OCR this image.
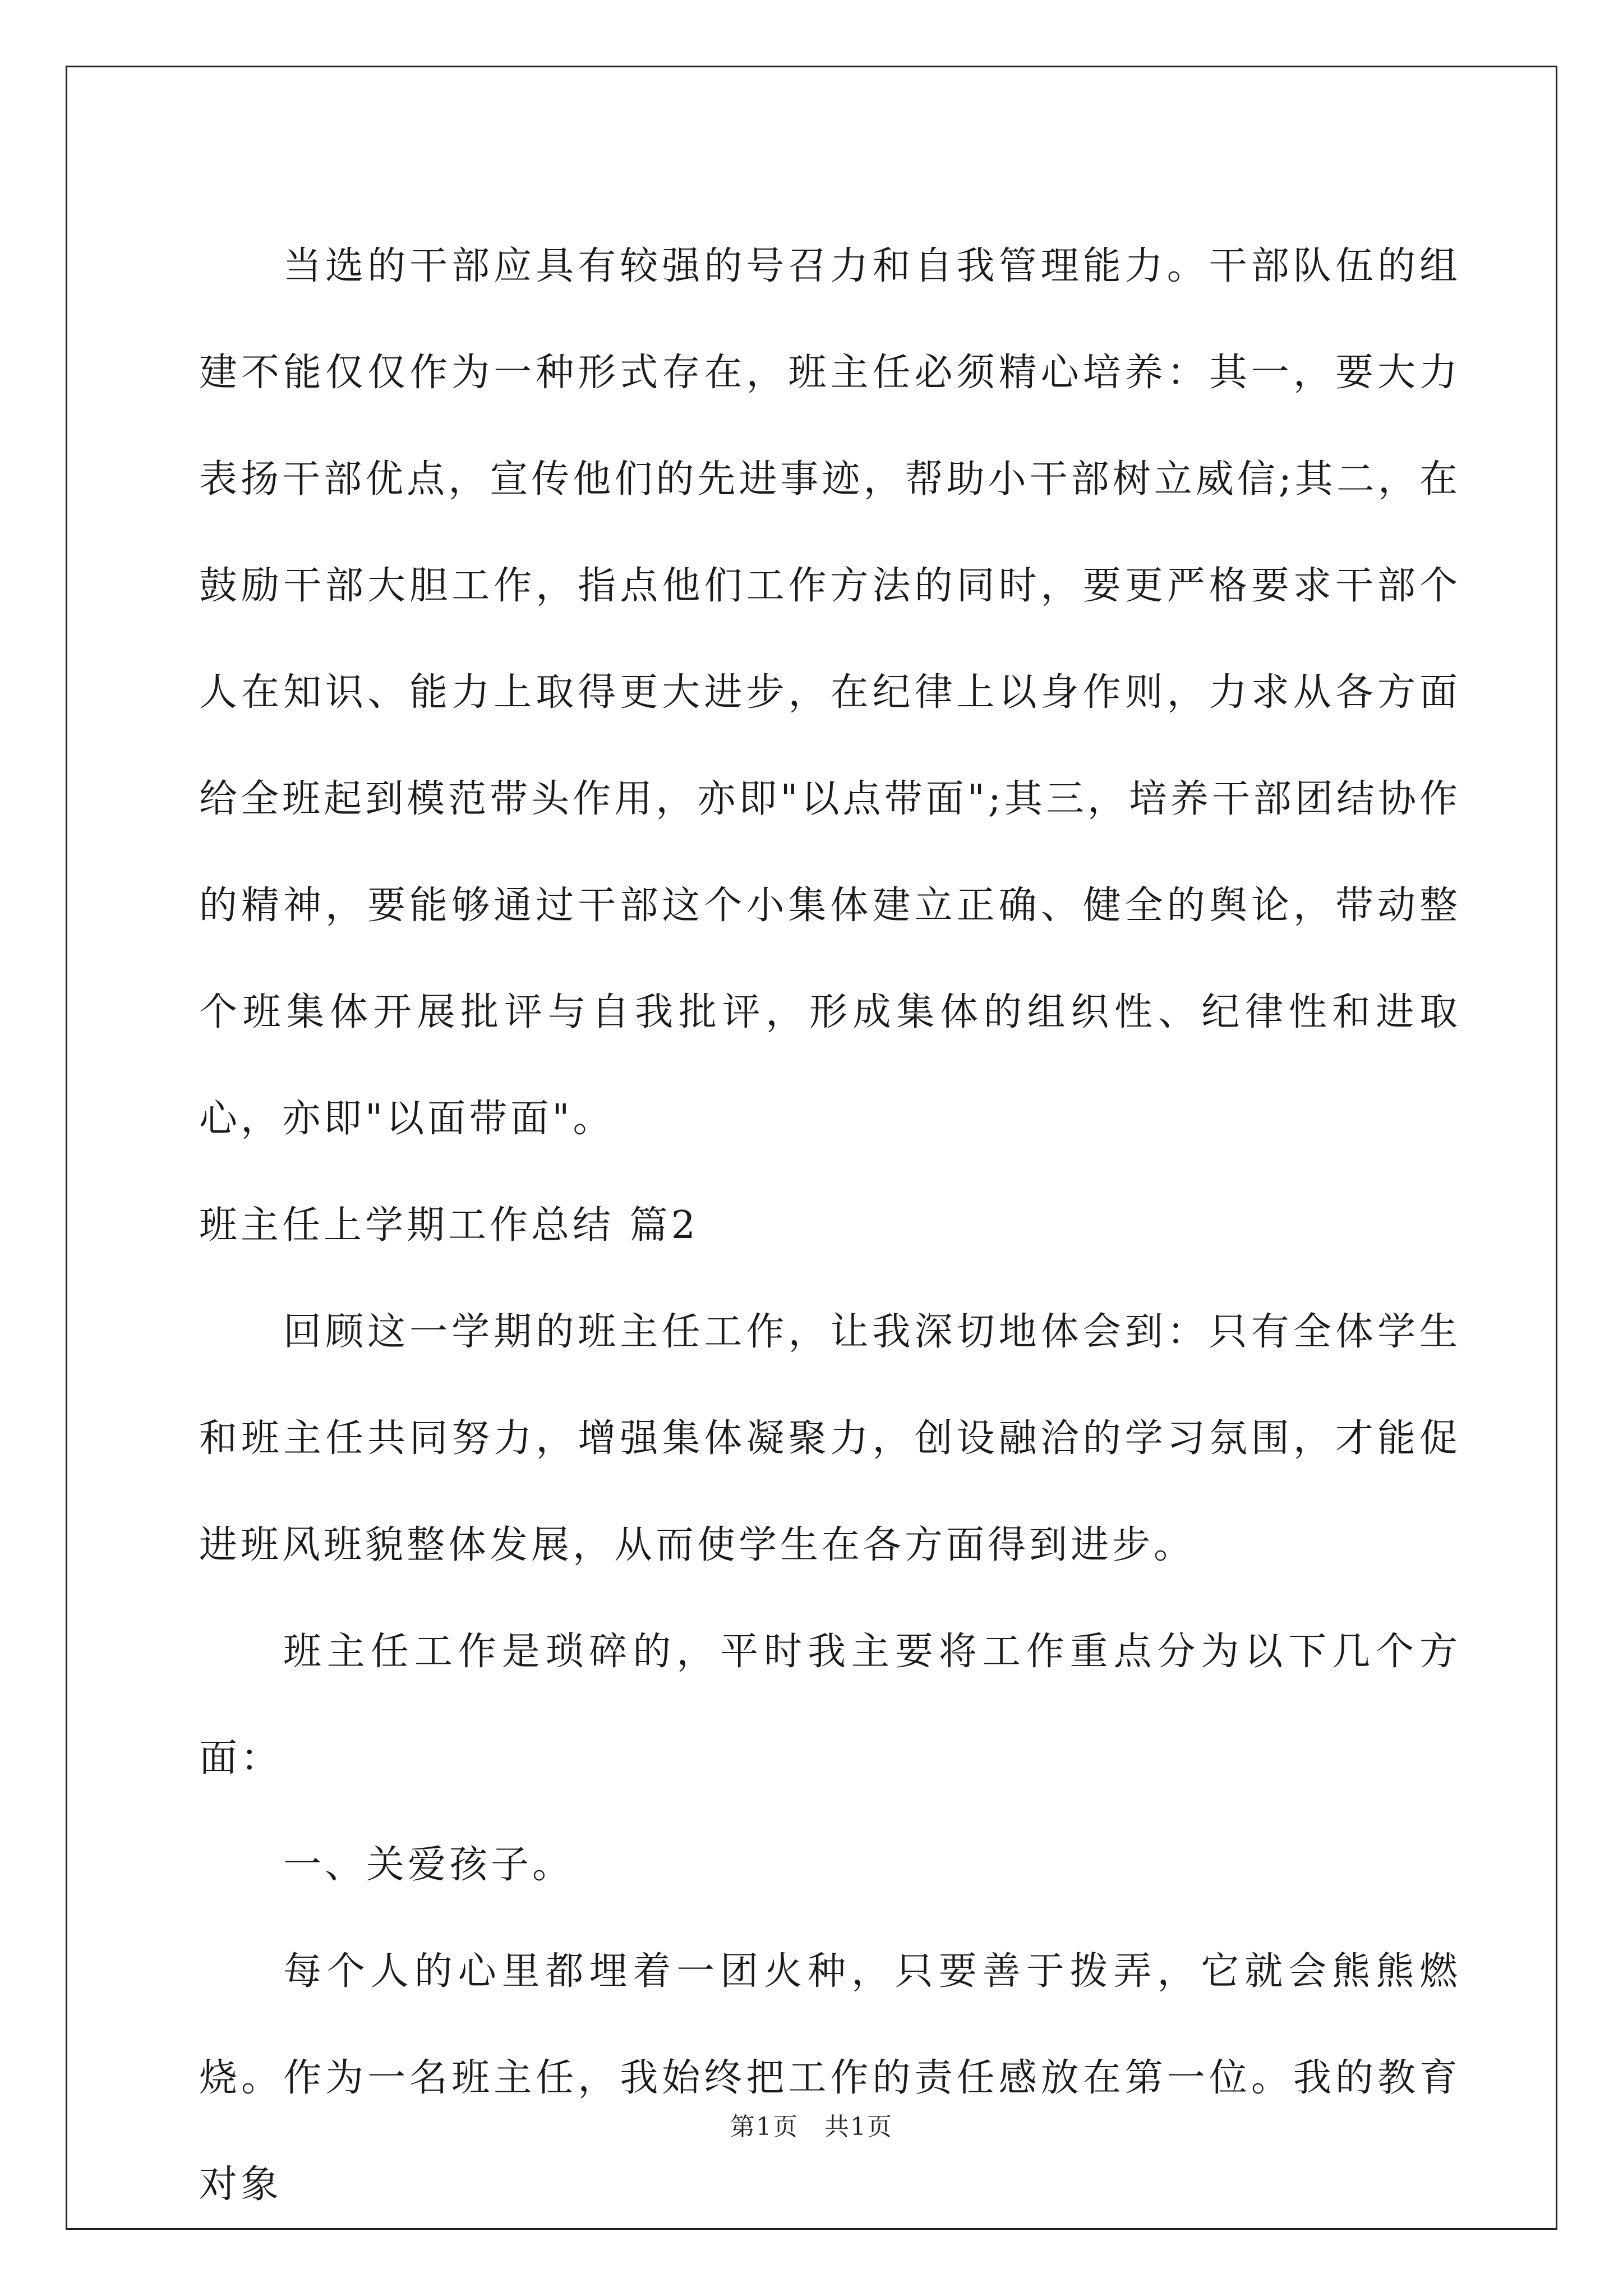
当选的干部应具有较强的号召力和自我管理能力。干部队伍的组建不能仅仅作为一种形式存在，班主任必须精心培养：其一，要大力表扬干部优点，宣传他们的先进事迹，帮助小干部树立威信;其二，在鼓励干部大胆工作，指点他们工作方法的同时，要更严格要求干部个人在知识、能力上取得更大进步，在纪律上以身作则，力求从各方面给全班起到模范带头作用，亦即"以点带面";其三，培养干部团结协作的精神，要能够通过干部这个小集体建立正确、健全的舆论，带动整个班集体开展批评与自我批评，形成集体的组织性、纪律性和进取心，亦即"以面带面"。

班主任上学期工作总结 篇2

回顾这一学期的班主任工作，让我深切地体会到：只有全体学生和班主任共同努力，增强集体凝聚力，创设融洽的学习氛围，才能促进班风班貌整体发展，从而使学生在各方面得到进步。

班主任工作是琐碎的，平时我主要将工作重点分为以下几个方面：

一、关爱孩子。

每个人的心里都埋着一团火种，只要善于拨弄，它就会熊熊燃烧。作为一名班主任，我始终把工作的责任感放在第一位。我的教育对象

第1页　共1页
